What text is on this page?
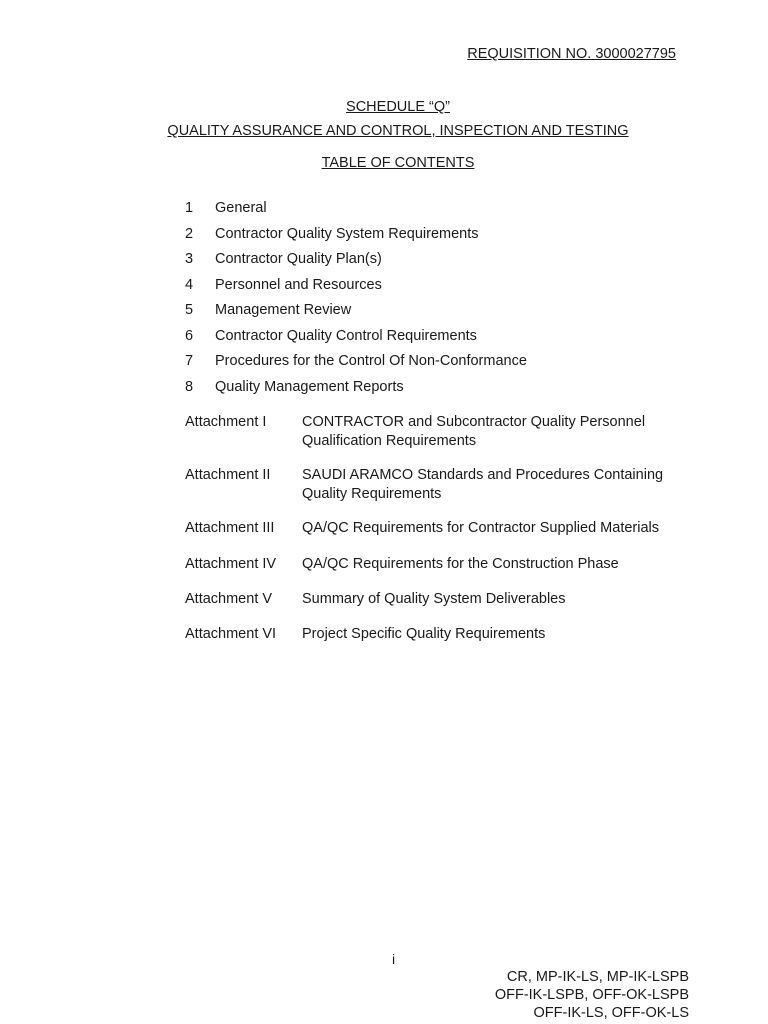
REQUISITION NO. 3000027795
SCHEDULE “Q”
QUALITY ASSURANCE AND CONTROL, INSPECTION AND TESTING
TABLE OF CONTENTS
1	General
2	Contractor Quality System Requirements
3	Contractor Quality Plan(s)
4	Personnel and Resources
5	Management Review
6	Contractor Quality Control Requirements
7	Procedures for the Control Of Non-Conformance
8	Quality Management Reports
Attachment I	CONTRACTOR and Subcontractor Quality Personnel Qualification Requirements
Attachment II	SAUDI ARAMCO Standards and Procedures Containing Quality Requirements
Attachment III	QA/QC Requirements for Contractor Supplied Materials
Attachment IV	QA/QC Requirements for the Construction Phase
Attachment V	Summary of Quality System Deliverables
Attachment VI	Project Specific Quality Requirements
i
CR, MP-IK-LS, MP-IK-LSPB
OFF-IK-LSPB, OFF-OK-LSPB
OFF-IK-LS, OFF-OK-LS
